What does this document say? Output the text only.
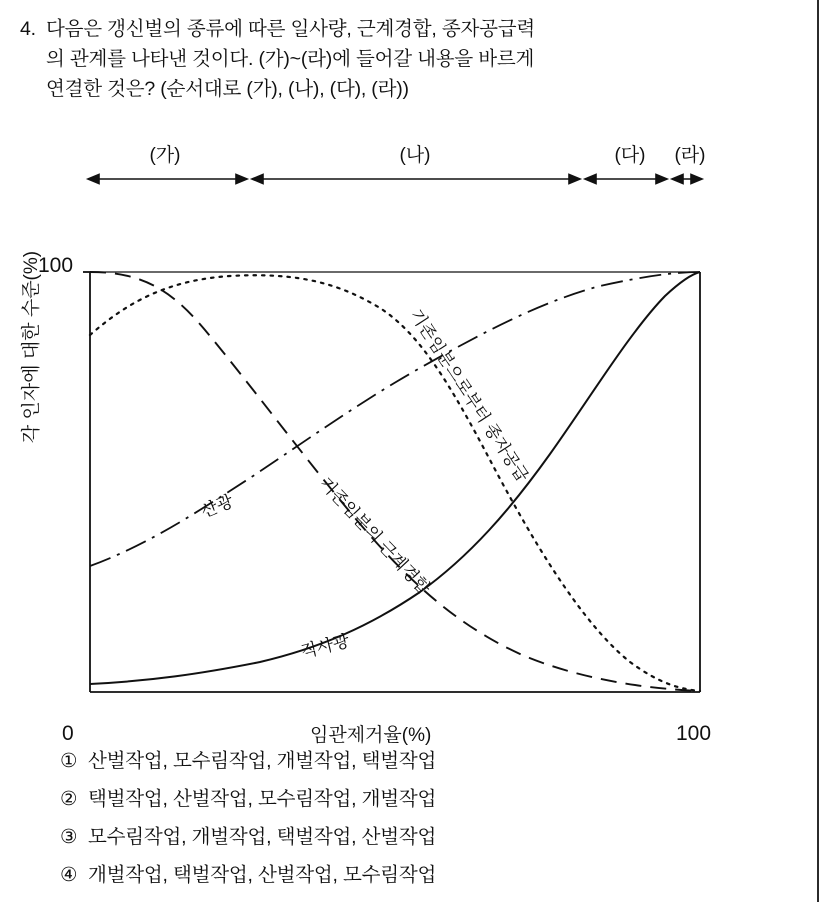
4. 다음은 갱신벌의 종류에 따른 일사량, 근계경합, 종자공급력
의 관계를 나타낸 것이다. (가)~(라)에 들어갈 내용을 바르게
연결한 것은? (순서대로 (가), (나), (다), (라))
(가)	(나)	(다)	(라)
각 인자에 대한 수준(%)
100
0	100
임관제거율(%)
산광	기존임분의 근계경합
기존임분으로부터 종자공급
직사광
① 산벌작업, 모수림작업, 개벌작업, 택벌작업
② 택벌작업, 산벌작업, 모수림작업, 개벌작업
③ 모수림작업, 개벌작업, 택벌작업, 산벌작업
④ 개벌작업, 택벌작업, 산벌작업, 모수림작업
